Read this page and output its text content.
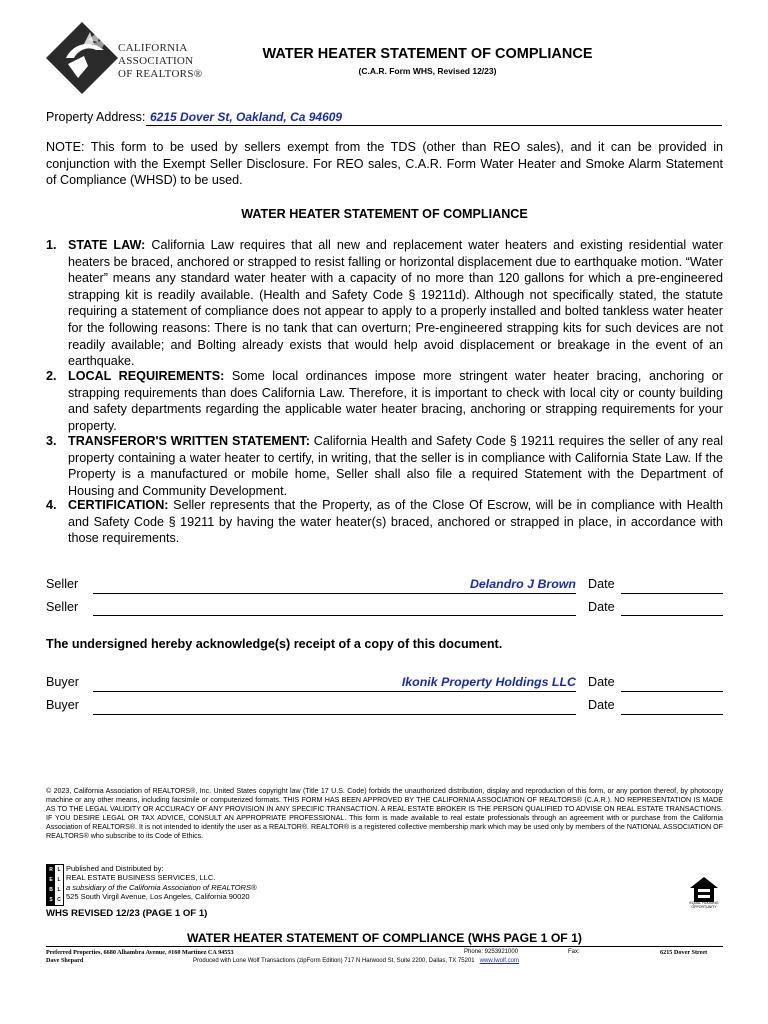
CALIFORNIA
ASSOCIATION
OF REALTORS®
WATER HEATER STATEMENT OF COMPLIANCE
(C.A.R. Form WHS, Revised 12/23)
Property Address: 6215 Dover St, Oakland, Ca 94609
NOTE: This form to be used by sellers exempt from the TDS (other than REO sales), and it can be provided in conjunction with the Exempt Seller Disclosure. For REO sales, C.A.R. Form Water Heater and Smoke Alarm Statement of Compliance (WHSD) to be used.
WATER HEATER STATEMENT OF COMPLIANCE
1. STATE LAW: California Law requires that all new and replacement water heaters and existing residential water heaters be braced, anchored or strapped to resist falling or horizontal displacement due to earthquake motion. “Water heater” means any standard water heater with a capacity of no more than 120 gallons for which a pre-engineered strapping kit is readily available. (Health and Safety Code § 19211d). Although not specifically stated, the statute requiring a statement of compliance does not appear to apply to a properly installed and bolted tankless water heater for the following reasons: There is no tank that can overturn; Pre-engineered strapping kits for such devices are not readily available; and Bolting already exists that would help avoid displacement or breakage in the event of an earthquake.
2. LOCAL REQUIREMENTS: Some local ordinances impose more stringent water heater bracing, anchoring or strapping requirements than does California Law. Therefore, it is important to check with local city or county building and safety departments regarding the applicable water heater bracing, anchoring or strapping requirements for your property.
3. TRANSFEROR'S WRITTEN STATEMENT: California Health and Safety Code § 19211 requires the seller of any real property containing a water heater to certify, in writing, that the seller is in compliance with California State Law. If the Property is a manufactured or mobile home, Seller shall also file a required Statement with the Department of Housing and Community Development.
4. CERTIFICATION: Seller represents that the Property, as of the Close Of Escrow, will be in compliance with Health and Safety Code § 19211 by having the water heater(s) braced, anchored or strapped in place, in accordance with those requirements.
Seller	Delandro J Brown Date
Seller	Date
The undersigned hereby acknowledge(s) receipt of a copy of this document.
Buyer	Ikonik Property Holdings LLC Date
Buyer	Date
© 2023, California Association of REALTORS®, Inc. United States copyright law (Title 17 U.S. Code) forbids the unauthorized distribution, display and reproduction of this form, or any portion thereof, by photocopy machine or any other means, including facsimile or computerized formats. THIS FORM HAS BEEN APPROVED BY THE CALIFORNIA ASSOCIATION OF REALTORS® (C.A.R.). NO REPRESENTATION IS MADE AS TO THE LEGAL VALIDITY OR ACCURACY OF ANY PROVISION IN ANY SPECIFIC TRANSACTION. A REAL ESTATE BROKER IS THE PERSON QUALIFIED TO ADVISE ON REAL ESTATE TRANSACTIONS. IF YOU DESIRE LEGAL OR TAX ADVICE, CONSULT AN APPROPRIATE PROFESSIONAL. This form is made available to real estate professionals through an agreement with or purchase from the California Association of REALTORS®. It is not intended to identify the user as a REALTOR®. REALTOR® is a registered collective membership mark which may be used only by members of the NATIONAL ASSOCIATION OF REALTORS® who subscribe to its Code of Ethics.
R
E
B
S
L
L
L
C
Published and Distributed by:
REAL ESTATE BUSINESS SERVICES, LLC.
a subsidiary of the California Association of REALTORS®
525 South Virgil Avenue, Los Angeles, California 90020
WHS REVISED 12/23 (PAGE 1 OF 1)
EQUAL HOUSING OPPORTUNITY
WATER HEATER STATEMENT OF COMPLIANCE (WHS PAGE 1 OF 1)
Preferred Properties, 6680 Alhambra Avenue, #160 Martinez CA 94553
Dave Shepard
Phone: 9253921000	Fax:	6215 Dover Street
Produced with Lone Wolf Transactions (zipForm Edition) 717 N Harwood St, Suite 2200, Dallas, TX 75201 www.lwolf.com
